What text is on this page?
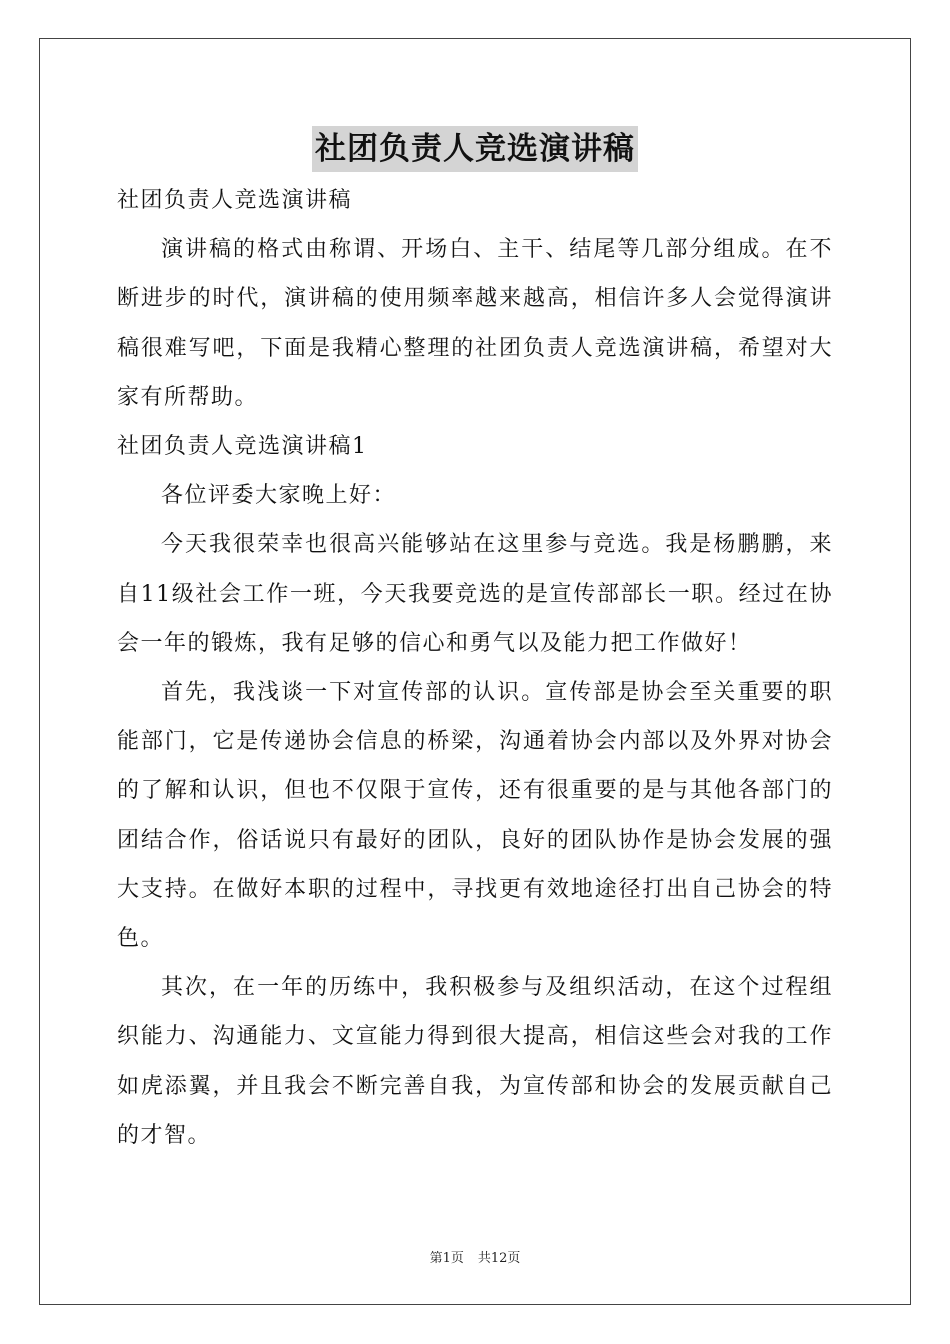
社团负责人竞选演讲稿

社团负责人竞选演讲稿

演讲稿的格式由称谓、开场白、主干、结尾等几部分组成。在不断进步的时代，演讲稿的使用频率越来越高，相信许多人会觉得演讲稿很难写吧，下面是我精心整理的社团负责人竞选演讲稿，希望对大家有所帮助。

社团负责人竞选演讲稿1

各位评委大家晚上好：

今天我很荣幸也很高兴能够站在这里参与竞选。我是杨鹏鹏，来自11级社会工作一班，今天我要竞选的是宣传部部长一职。经过在协会一年的锻炼，我有足够的信心和勇气以及能力把工作做好！

首先，我浅谈一下对宣传部的认识。宣传部是协会至关重要的职能部门，它是传递协会信息的桥梁，沟通着协会内部以及外界对协会的了解和认识，但也不仅限于宣传，还有很重要的是与其他各部门的团结合作，俗话说只有最好的团队，良好的团队协作是协会发展的强大支持。在做好本职的过程中，寻找更有效地途径打出自己协会的特色。

其次，在一年的历练中，我积极参与及组织活动，在这个过程组织能力、沟通能力、文宣能力得到很大提高，相信这些会对我的工作如虎添翼，并且我会不断完善自我，为宣传部和协会的发展贡献自己的才智。

第1页 共12页
